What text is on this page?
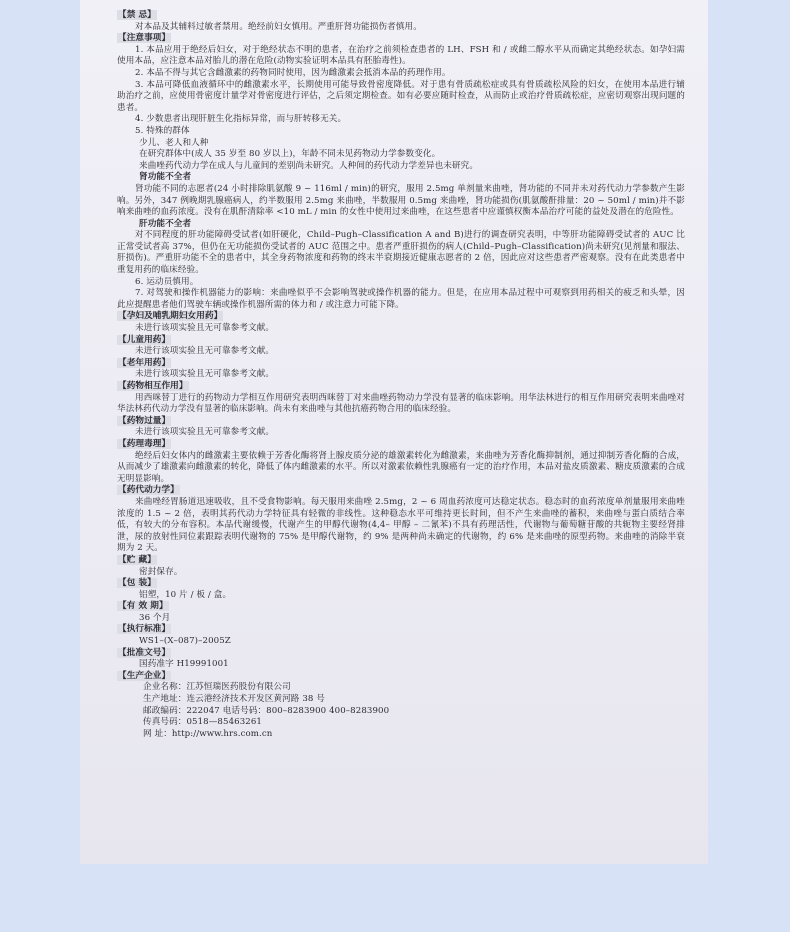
【禁 忌】

对本品及其辅料过敏者禁用。绝经前妇女慎用。严重肝肾功能损伤者慎用。

【注意事项】

1. 本品应用于绝经后妇女，对于绝经状态不明的患者，在治疗之前须检查患者的 LH、FSH 和 / 或雌二醇水平从而确定其绝经状态。如孕妇需使用本品，应注意本品对胎儿的潜在危险(动物实验证明本品具有胚胎毒性)。

2. 本品不得与其它含雌激素的药物同时使用，因为雌激素会抵消本品的药理作用。

3. 本品可降低血液循环中的雌激素水平，长期使用可能导致骨密度降低。对于患有骨质疏松症或具有骨质疏松风险的妇女，在使用本品进行辅助治疗之前，应使用骨密度计量学对骨密度进行评估，之后须定期检查。如有必要应随时检查，从而防止或治疗骨质疏松症，应密切观察出现问题的患者。

4. 少数患者出现肝脏生化指标异常，而与肝转移无关。

5. 特殊的群体

少儿、老人和人种

在研究群体中(成人 35 岁至 80 岁以上)，年龄不同未见药物动力学参数变化。

来曲唑药代动力学在成人与儿童间的差别尚未研究。人种间的药代动力学差异也未研究。

肾功能不全者

肾功能不同的志愿者(24 小时排除肌氨酸 9 ~ 116ml / min)的研究，服用 2.5mg 单剂量来曲唑，肾功能的不同并未对药代动力学参数产生影响。另外，347 例晚期乳腺癌病人，约半数服用 2.5mg 来曲唑，半数服用 0.5mg 来曲唑，肾功能损伤(肌氨酸酐排量：20 ~ 50ml / min)并不影响来曲唑的血药浓度。没有在肌酐清除率 <10 mL / min 的女性中使用过来曲唑，在这些患者中应谨慎权衡本品治疗可能的益处及潜在的危险性。

肝功能不全者

对不同程度的肝功能障碍受试者(如肝硬化，Child–Pugh–Classification A and B)进行的调查研究表明，中等肝功能障碍受试者的 AUC 比正常受试者高 37%，但仍在无功能损伤受试者的 AUC 范围之中。患者严重肝损伤的病人(Child–Pugh–Classification)尚未研究(见剂量和服法、肝损伤)。严重肝功能不全的患者中，其全身药物浓度和药物的终末半衰期接近健康志愿者的 2 倍，因此应对这些患者严密观察。没有在此类患者中重复用药的临床经验。

6. 运动员慎用。

7. 对驾驶和操作机器能力的影响：来曲唑似乎不会影响驾驶或操作机器的能力。但是，在应用本品过程中可观察到用药相关的疲乏和头晕，因此应提醒患者他们驾驶车辆或操作机器所需的体力和 / 或注意力可能下降。

【孕妇及哺乳期妇女用药】

未进行该项实验且无可靠参考文献。

【儿童用药】

未进行该项实验且无可靠参考文献。

【老年用药】

未进行该项实验且无可靠参考文献。

【药物相互作用】

用西咪替丁进行的药物动力学相互作用研究表明西咪替丁对来曲唑药物动力学没有显著的临床影响。用华法林进行的相互作用研究表明来曲唑对华法林药代动力学没有显著的临床影响。尚未有来曲唑与其他抗癌药物合用的临床经验。

【药物过量】

未进行该项实验且无可靠参考文献。

【药理毒理】

绝经后妇女体内的雌激素主要依赖于芳香化酶将肾上腺皮质分泌的雄激素转化为雌激素，来曲唑为芳香化酶抑制剂，通过抑制芳香化酶的合成，从而减少了雄激素向雌激素的转化，降低了体内雌激素的水平。所以对激素依赖性乳腺癌有一定的治疗作用，本品对盐皮质激素、糖皮质激素的合成无明显影响。

【药代动力学】

来曲唑经胃肠道迅速吸收，且不受食物影响。每天服用来曲唑 2.5mg，2 ~ 6 周血药浓度可达稳定状态。稳态时的血药浓度单剂量服用来曲唑浓度的 1.5 ~ 2 倍，表明其药代动力学特征具有轻微的非线性。这种稳态水平可维持更长时间，但不产生来曲唑的蓄积，来曲唑与蛋白质结合率低，有较大的分布容积。本品代谢缓慢，代谢产生的甲醇代谢物(4,4– 甲醇 – 二氰苯)不具有药理活性，代谢物与葡萄糖苷酸的共轭物主要经肾排泄，尿的放射性同位素跟踪表明代谢物的 75% 是甲醇代谢物，约 9% 是两种尚未确定的代谢物，约 6% 是来曲唑的原型药物。来曲唑的消除半衰期为 2 天。

【贮 藏】

密封保存。

【包 装】

铝塑，10 片 / 板 / 盒。

【有 效 期】

36 个月

【执行标准】

WS1–(X–087)–2005Z

【批准文号】

国药准字 H19991001

【生产企业】

企业名称：江苏恒瑞医药股份有限公司

生产地址：连云港经济技术开发区黄河路 38 号

邮政编码：222047 电话号码：800–8283900 400–8283900

传真号码：0518—85463261

网 址：http://www.hrs.com.cn
